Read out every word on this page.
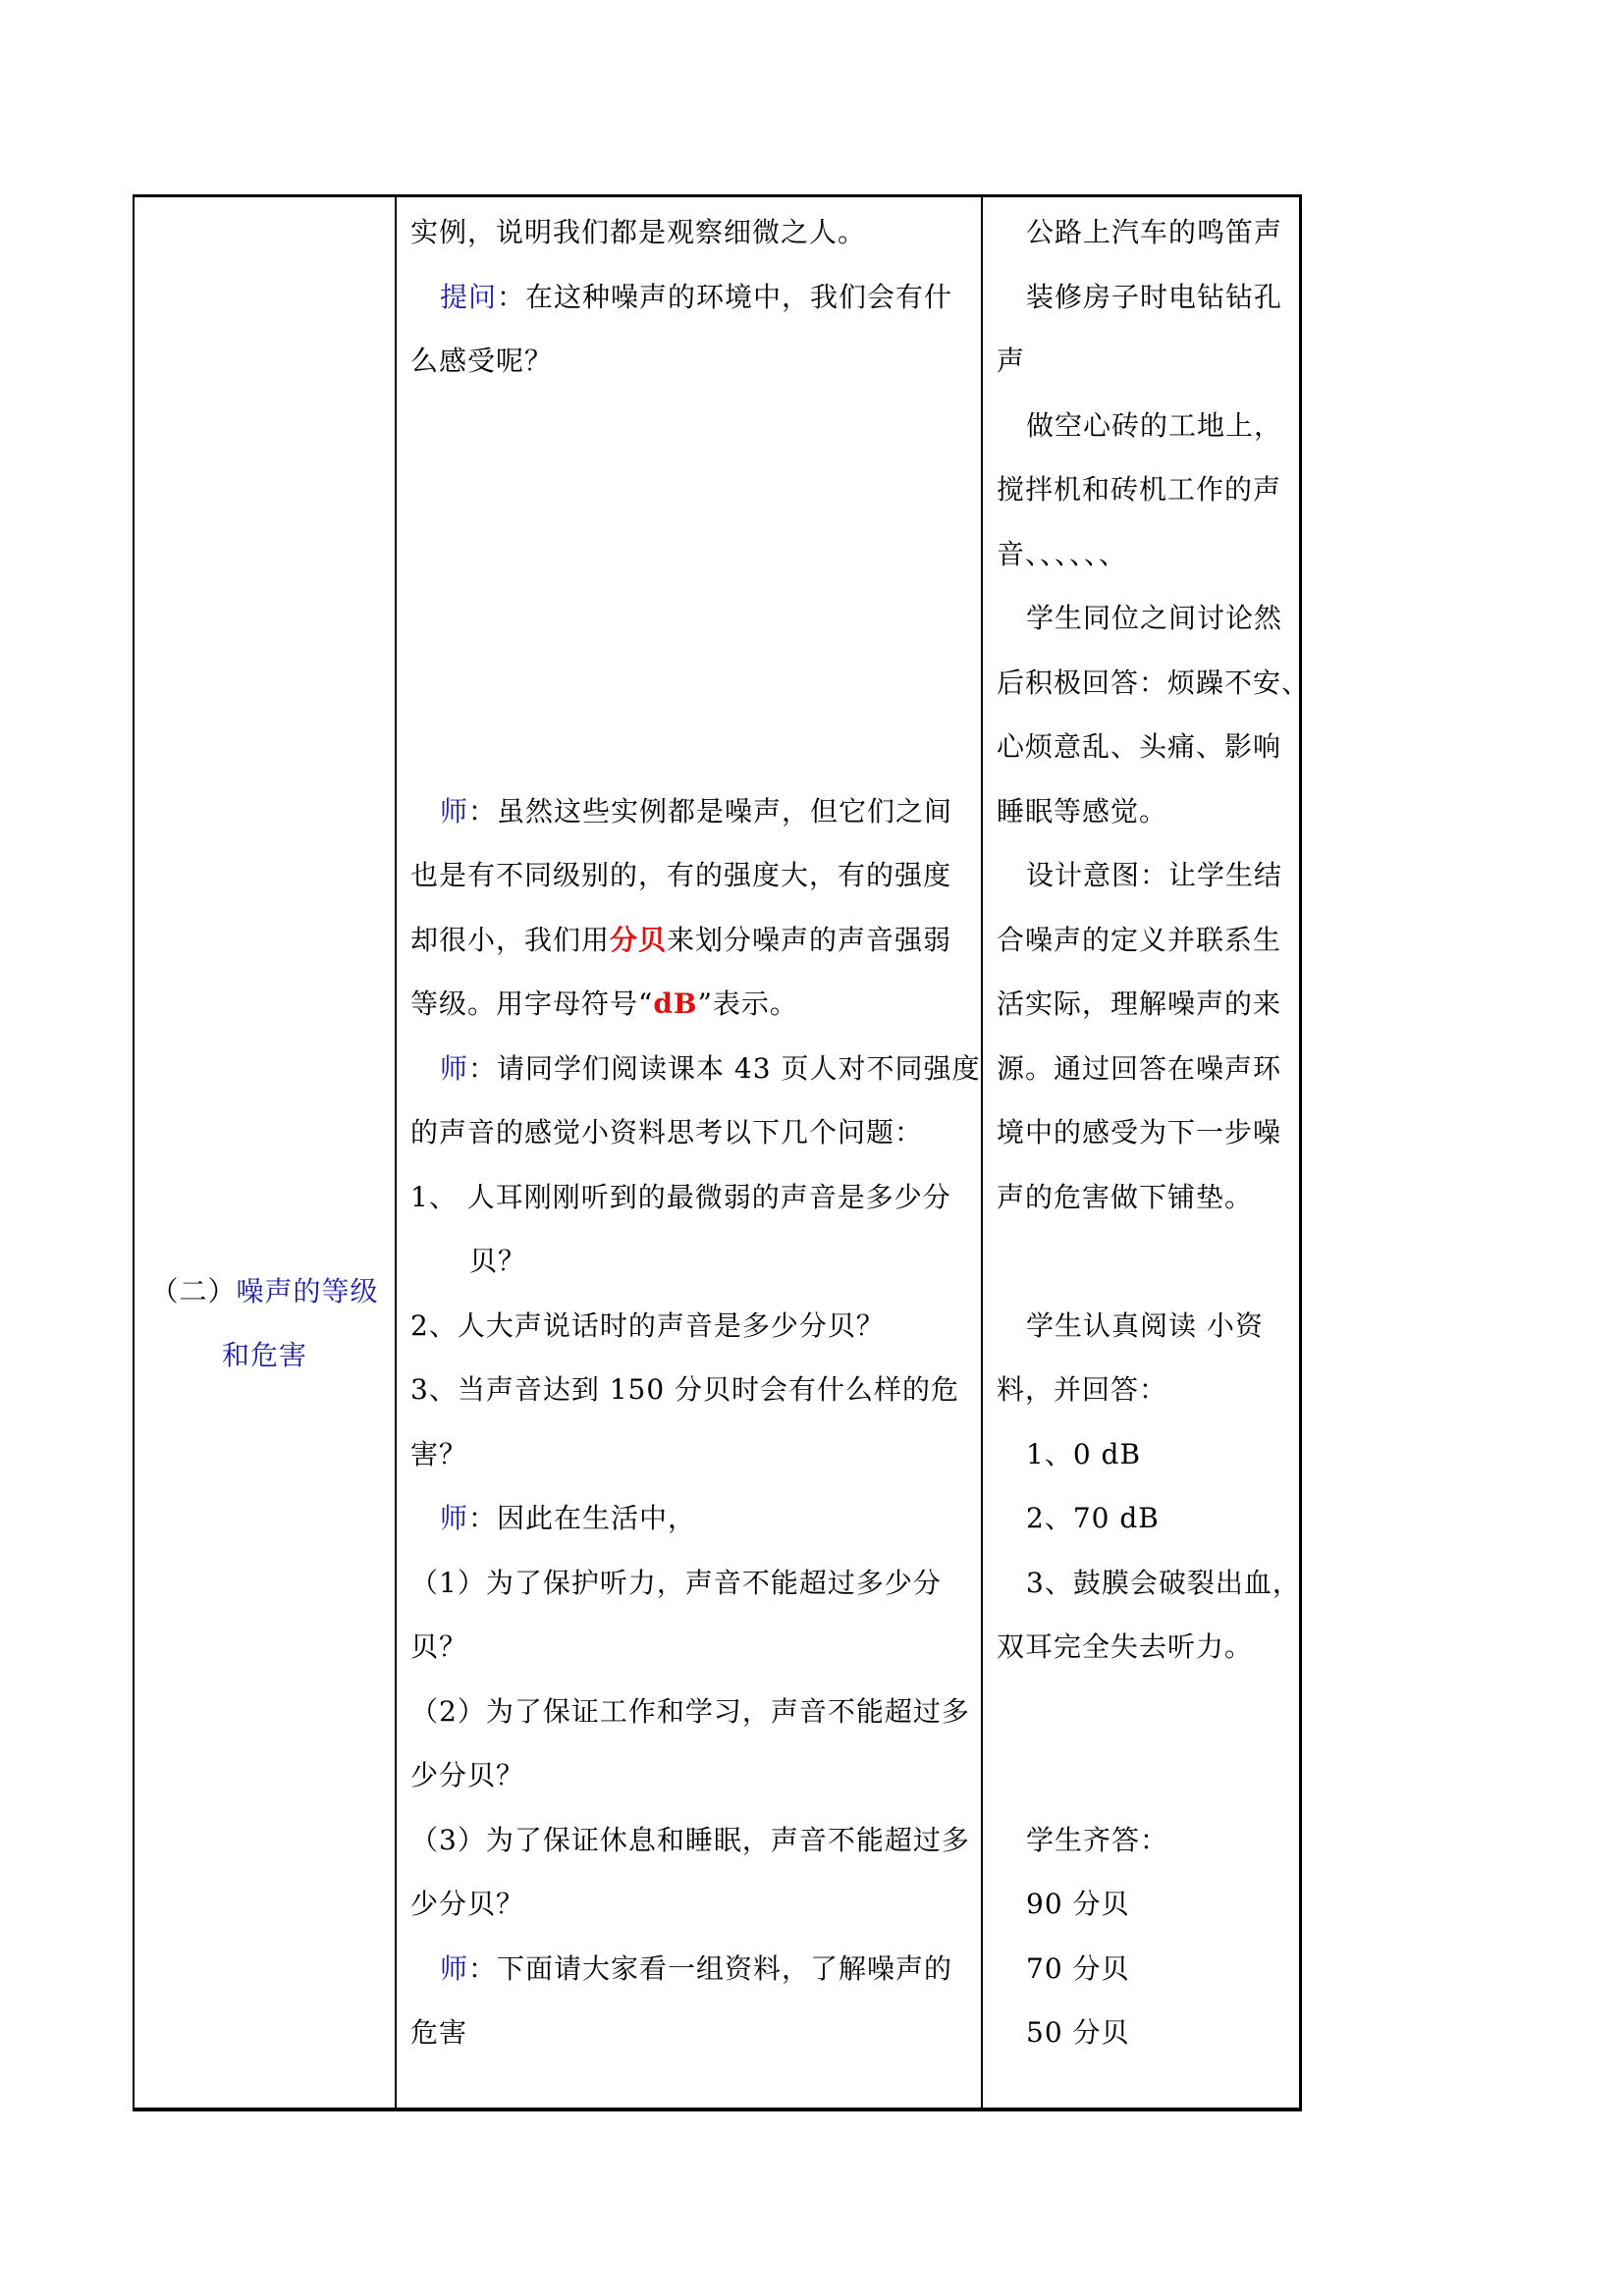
（二）噪声的等级
和危害
实例，说明我们都是观察细微之人。
提问：在这种噪声的环境中，我们会有什
么感受呢？
师：虽然这些实例都是噪声，但它们之间
也是有不同级别的，有的强度大，有的强度
却很小，我们用分贝来划分噪声的声音强弱
等级。用字母符号“dB”表示。
师：请同学们阅读课本 43 页人对不同强度
的声音的感觉小资料思考以下几个问题：
1、 人耳刚刚听到的最微弱的声音是多少分
贝？
2、人大声说话时的声音是多少分贝？
3、当声音达到 150 分贝时会有什么样的危
害？
师：因此在生活中，
（1）为了保护听力，声音不能超过多少分
贝？
（2）为了保证工作和学习，声音不能超过多
少分贝？
（3）为了保证休息和睡眠，声音不能超过多
少分贝？
师：下面请大家看一组资料，了解噪声的
危害
公路上汽车的鸣笛声
装修房子时电钻钻孔
声
做空心砖的工地上，
搅拌机和砖机工作的声
音、、、、、、
学生同位之间讨论然
后积极回答：烦躁不安、
心烦意乱、头痛、影响
睡眠等感觉。
设计意图：让学生结
合噪声的定义并联系生
活实际，理解噪声的来
源。通过回答在噪声环
境中的感受为下一步噪
声的危害做下铺垫。
学生认真阅读 小资
料，并回答：
1、0 dB
2、70 dB
3、鼓膜会破裂出血，
双耳完全失去听力。
学生齐答：
90 分贝
70 分贝
50 分贝
